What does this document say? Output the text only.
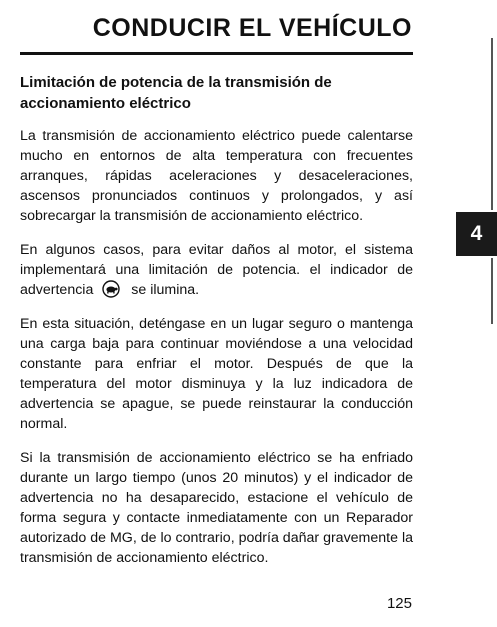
CONDUCIR EL VEHÍCULO
Limitación de potencia de la transmisión de accionamiento eléctrico

La transmisión de accionamiento eléctrico puede calentarse mucho en entornos de alta temperatura con frecuentes arranques, rápidas aceleraciones y desaceleraciones, ascensos pronunciados continuos y prolongados, y así sobrecargar la transmisión de accionamiento eléctrico.

En algunos casos, para evitar daños al motor, el sistema implementará una limitación de potencia. el indicador de advertencia	se ilumina.

En esta situación, deténgase en un lugar seguro o mantenga una carga baja para continuar moviéndose a una velocidad constante para enfriar el motor. Después de que la temperatura del motor disminuya y la luz indicadora de advertencia se apague, se puede reinstaurar la conducción normal.

Si la transmisión de accionamiento eléctrico se ha enfriado durante un largo tiempo (unos 20 minutos) y el indicador de advertencia no ha desaparecido, estacione el vehículo de forma segura y contacte inmediatamente con un Reparador autorizado de MG, de lo contrario, podría dañar gravemente la transmisión de accionamiento eléctrico.

4
125
